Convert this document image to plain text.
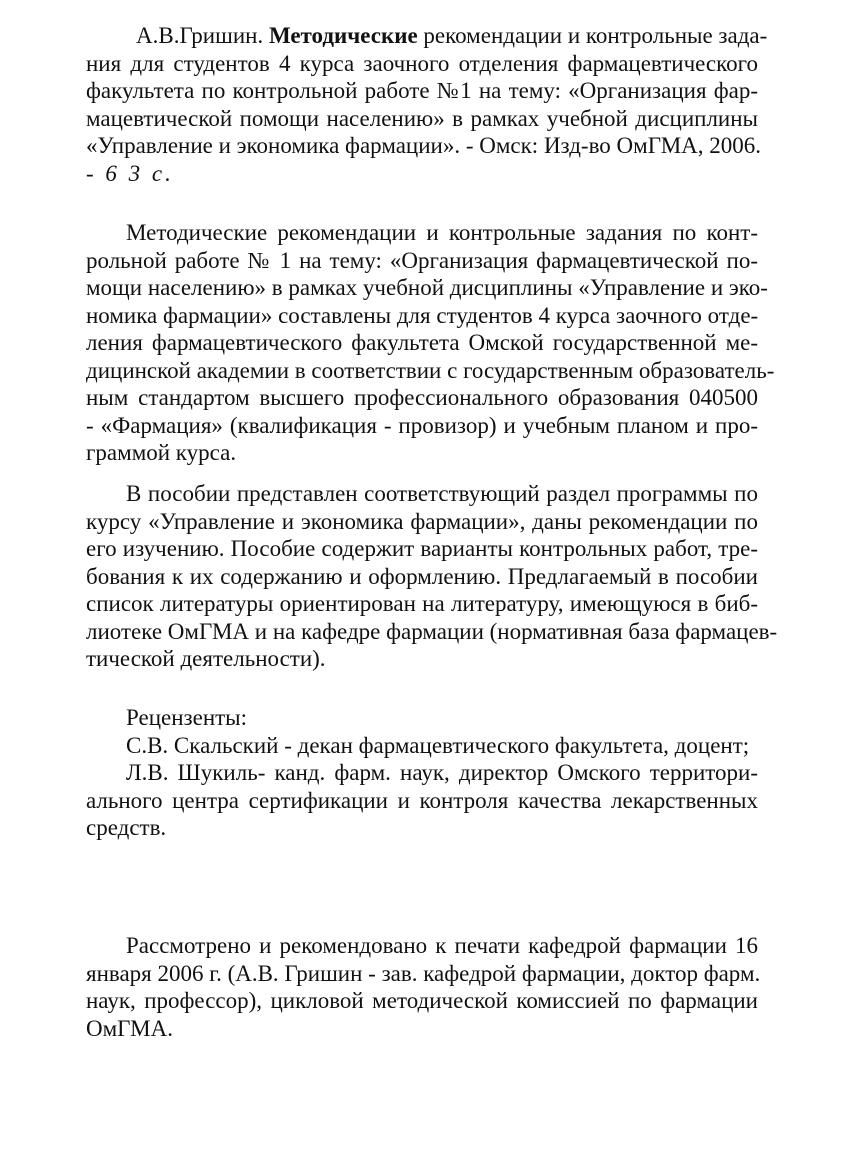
А.В.Гришин. Методические рекомендации и контрольные зада-
ния для студентов 4 курса заочного отделения фармацевтического
факультета по контрольной работе №1 на тему: «Организация фар-
мацевтической помощи населению» в рамках учебной дисциплины
«Управление и экономика фармации». - Омск: Изд-во ОмГМА, 2006.
- 6 3 с.
Методические рекомендации и контрольные задания по конт-
рольной работе № 1 на тему: «Организация фармацевтической по-
мощи населению» в рамках учебной дисциплины «Управление и эко-
номика фармации» составлены для студентов 4 курса заочного отде-
ления фармацевтического факультета Омской государственной ме-
дицинской академии в соответствии с государственным образователь-
ным стандартом высшего профессионального образования 040500
- «Фармация» (квалификация - провизор) и учебным планом и про-
граммой курса.
В пособии представлен соответствующий раздел программы по
курсу «Управление и экономика фармации», даны рекомендации по
его изучению. Пособие содержит варианты контрольных работ, тре-
бования к их содержанию и оформлению. Предлагаемый в пособии
список литературы ориентирован на литературу, имеющуюся в биб-
лиотеке ОмГМА и на кафедре фармации (нормативная база фармацев-
тической деятельности).
Рецензенты:
С.В. Скальский - декан фармацевтического факультета, доцент;
Л.В. Шукиль- канд. фарм. наук, директор Омского территори-
ального центра сертификации и контроля качества лекарственных
средств.
Рассмотрено и рекомендовано к печати кафедрой фармации 16
января 2006 г. (А.В. Гришин - зав. кафедрой фармации, доктор фарм.
наук, профессор), цикловой методической комиссией по фармации
ОмГМА.
